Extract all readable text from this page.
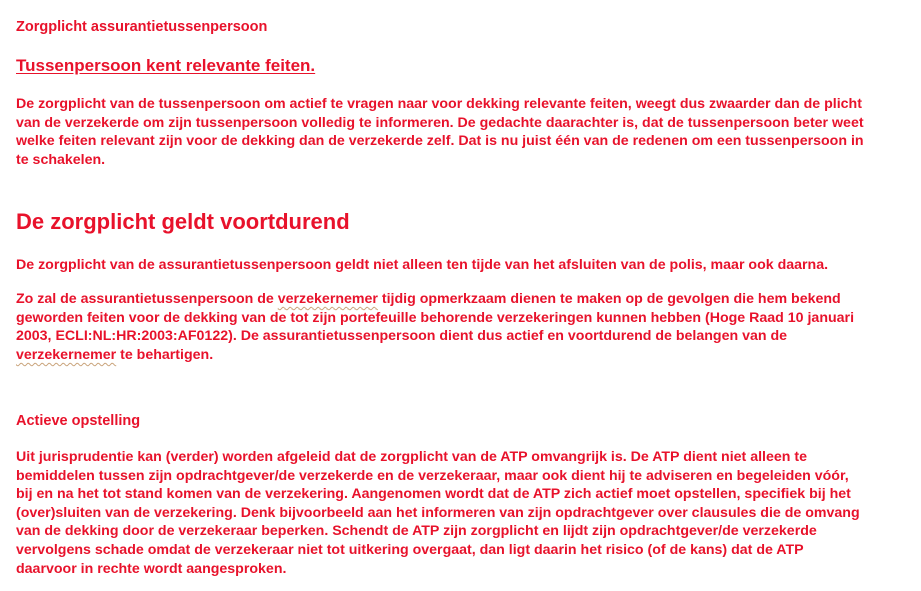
Zorgplicht assurantietussenpersoon
Tussenpersoon kent relevante feiten.
De zorgplicht van de tussenpersoon om actief te vragen naar voor dekking relevante feiten, weegt dus zwaarder dan de plicht
van de verzekerde om zijn tussenpersoon volledig te informeren. De gedachte daarachter is, dat de tussenpersoon beter weet
welke feiten relevant zijn voor de dekking dan de verzekerde zelf. Dat is nu juist één van de redenen om een tussenpersoon in
te schakelen.
De zorgplicht geldt voortdurend
De zorgplicht van de assurantietussenpersoon geldt niet alleen ten tijde van het afsluiten van de polis, maar ook daarna.
Zo zal de assurantietussenpersoon de verzekernemer tijdig opmerkzaam dienen te maken op de gevolgen die hem bekend
geworden feiten voor de dekking van de tot zijn portefeuille behorende verzekeringen kunnen hebben (Hoge Raad 10 januari
2003, ECLI:NL:HR:2003:AF0122). De assurantietussenpersoon dient dus actief en voortdurend de belangen van de
verzekernemer te behartigen.
Actieve opstelling
Uit jurisprudentie kan (verder) worden afgeleid dat de zorgplicht van de ATP omvangrijk is. De ATP dient niet alleen te
bemiddelen tussen zijn opdrachtgever/de verzekerde en de verzekeraar, maar ook dient hij te adviseren en begeleiden vóór,
bij en na het tot stand komen van de verzekering. Aangenomen wordt dat de ATP zich actief moet opstellen, specifiek bij het
(over)sluiten van de verzekering. Denk bijvoorbeeld aan het informeren van zijn opdrachtgever over clausules die de omvang
van de dekking door de verzekeraar beperken. Schendt de ATP zijn zorgplicht en lijdt zijn opdrachtgever/de verzekerde
vervolgens schade omdat de verzekeraar niet tot uitkering overgaat, dan ligt daarin het risico (of de kans) dat de ATP
daarvoor in rechte wordt aangesproken.
